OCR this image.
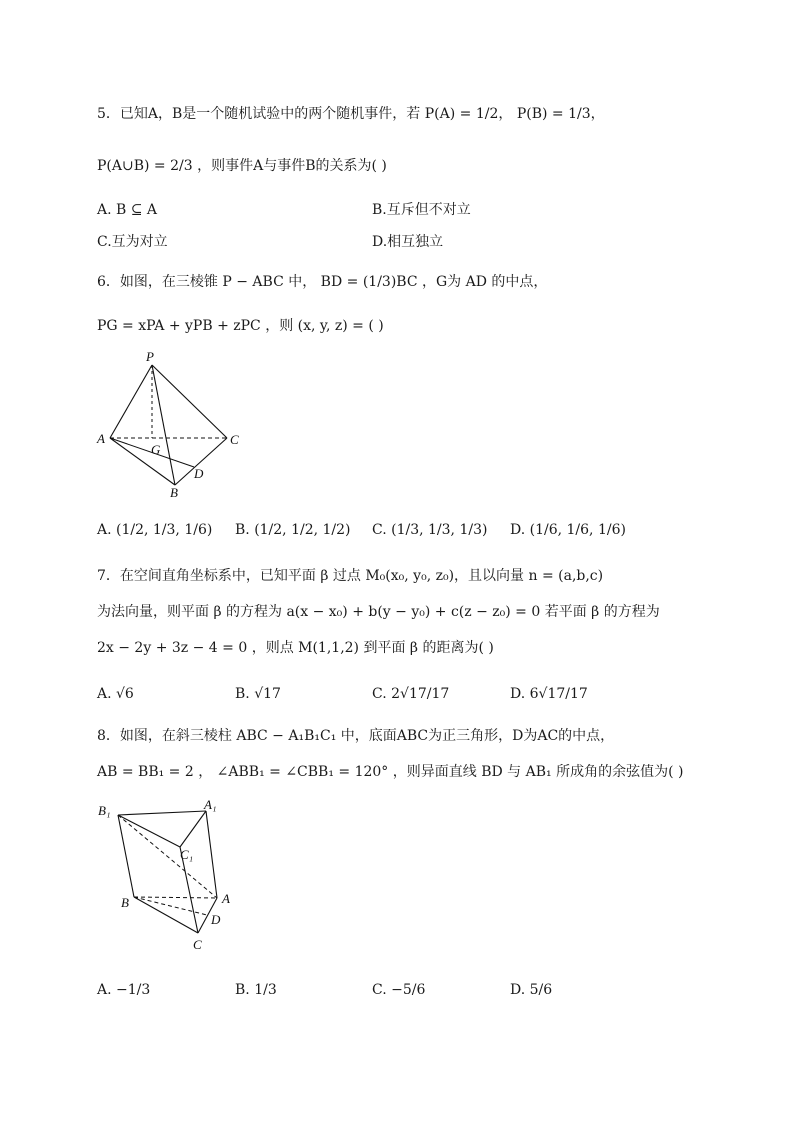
5．已知A，B是一个随机试验中的两个随机事件，若 P(A) = 1/2， P(B) = 1/3，
P(A∪B) = 2/3 ，则事件A与事件B的关系为( )
A. B ⊆ A	B.互斥但不对立
C.互为对立	D.相互独立
6．如图，在三棱锥 P − ABC 中， BD = (1/3)BC ，G为 AD 的中点，
PG = xPA + yPB + zPC ，则 (x, y, z) = ( )
P
A	C
G
D
B
A. (1/2, 1/3, 1/6) B. (1/2, 1/2, 1/2) C. (1/3, 1/3, 1/3) D. (1/6, 1/6, 1/6)
7．在空间直角坐标系中，已知平面 β 过点 M₀(x₀, y₀, z₀)，且以向量 n = (a,b,c)
为法向量，则平面 β 的方程为 a(x − x₀) + b(y − y₀) + c(z − z₀) = 0 若平面 β 的方程为
2x − 2y + 3z − 4 = 0 ，则点 M(1,1,2) 到平面 β 的距离为( )
A. √6	B. √17	C. 2√17/17	D. 6√17/17
8．如图，在斜三棱柱 ABC − A₁B₁C₁ 中，底面ABC为正三角形，D为AC的中点，
AB = BB₁ = 2 ， ∠ABB₁ = ∠CBB₁ = 120° ，则异面直线 BD 与 AB₁ 所成角的余弦值为( )
B₁	A₁
C₁
A
B
D
C
A. −1/3	B. 1/3	C. −5/6	D. 5/6
